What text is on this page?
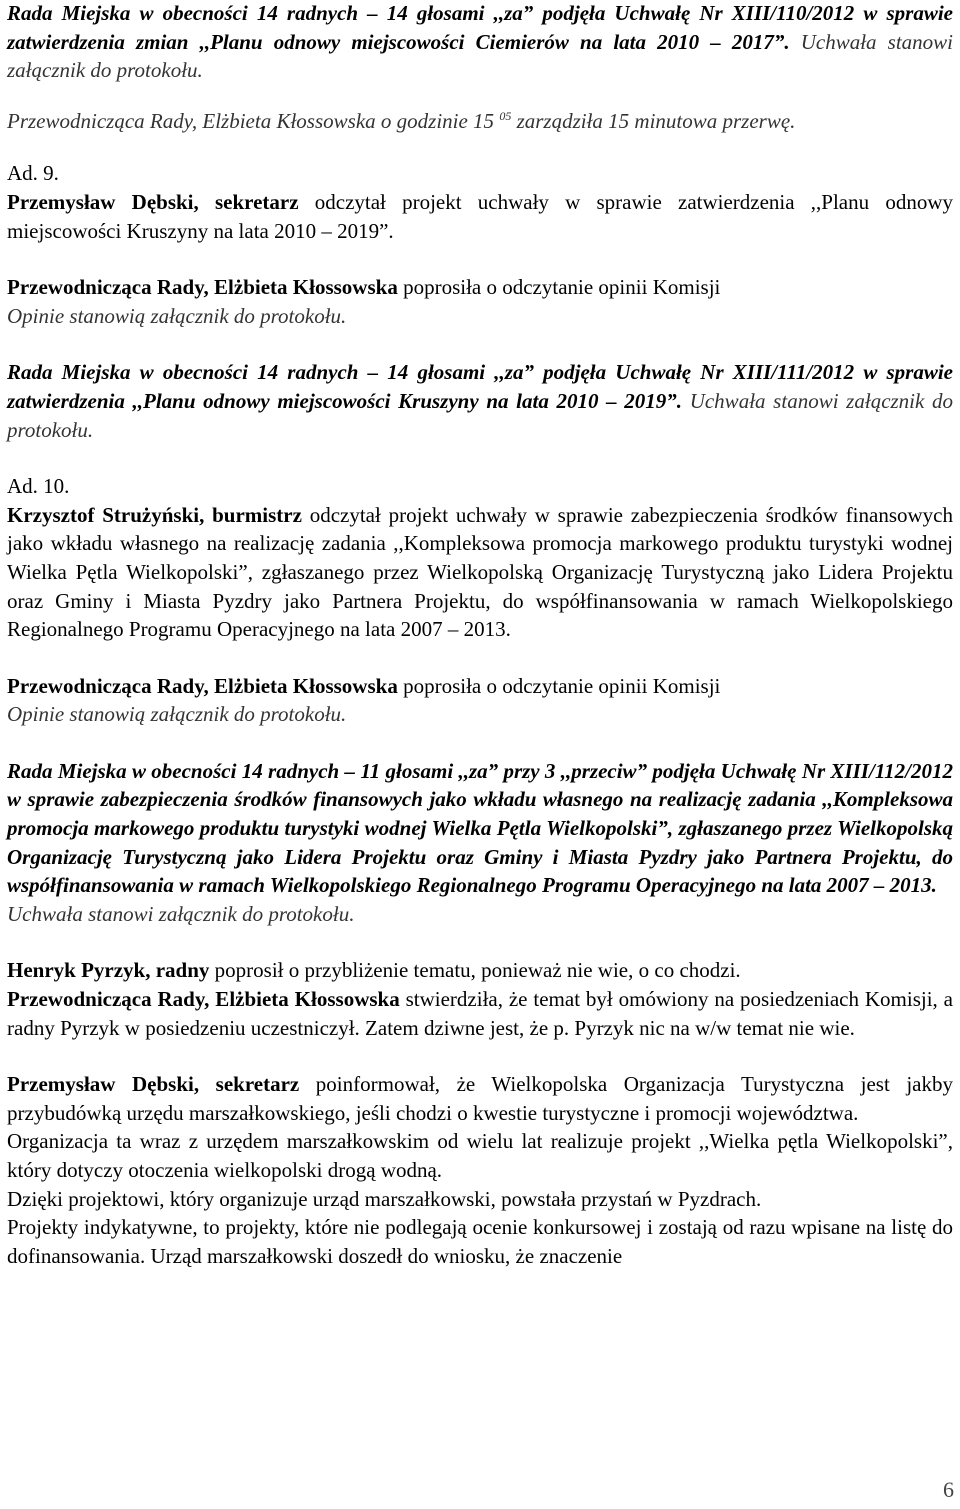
Rada Miejska w obecności 14 radnych – 14 głosami ,,za” podjęła Uchwałę Nr XIII/110/2012 w sprawie zatwierdzenia zmian ,,Planu odnowy miejscowości Ciemierów na lata 2010 – 2017”. Uchwała stanowi załącznik do protokołu.

Przewodnicząca Rady, Elżbieta Kłossowska o godzinie 15 $^{05}$ zarządziła 15 minutowa przerwę.

Ad. 9.

Przemysław Dębski, sekretarz odczytał projekt uchwały w sprawie zatwierdzenia ,,Planu odnowy miejscowości Kruszyny na lata 2010 – 2019”.

Przewodnicząca Rady, Elżbieta Kłossowska poprosiła o odczytanie opinii Komisji

Opinie stanowią załącznik do protokołu.

Rada Miejska w obecności 14 radnych – 14 głosami ,,za” podjęła Uchwałę Nr XIII/111/2012 w sprawie zatwierdzenia ,,Planu odnowy miejscowości Kruszyny na lata 2010 – 2019”. Uchwała stanowi załącznik do protokołu.

Ad. 10.

Krzysztof Strużyński, burmistrz odczytał projekt uchwały w sprawie zabezpieczenia środków finansowych jako wkładu własnego na realizację zadania ,,Kompleksowa promocja markowego produktu turystyki wodnej Wielka Pętla Wielkopolski”, zgłaszanego przez Wielkopolską Organizację Turystyczną jako Lidera Projektu oraz Gminy i Miasta Pyzdry jako Partnera Projektu, do współfinansowania w ramach Wielkopolskiego Regionalnego Programu Operacyjnego na lata 2007 – 2013.

Przewodnicząca Rady, Elżbieta Kłossowska poprosiła o odczytanie opinii Komisji

Opinie stanowią załącznik do protokołu.

Rada Miejska w obecności 14 radnych – 11 głosami ,,za” przy 3 ,,przeciw” podjęła Uchwałę Nr XIII/112/2012 w sprawie zabezpieczenia środków finansowych jako wkładu własnego na realizację zadania ,,Kompleksowa promocja markowego produktu turystyki wodnej Wielka Pętla Wielkopolski”, zgłaszanego przez Wielkopolską Organizację Turystyczną jako Lidera Projektu oraz Gminy i Miasta Pyzdry jako Partnera Projektu, do współfinansowania w ramach Wielkopolskiego Regionalnego Programu Operacyjnego na lata 2007 – 2013.

Uchwała stanowi załącznik do protokołu.

Henryk Pyrzyk, radny poprosił o przybliżenie tematu, ponieważ nie wie, o co chodzi.

Przewodnicząca Rady, Elżbieta Kłossowska stwierdziła, że temat był omówiony na posiedzeniach Komisji, a radny Pyrzyk w posiedzeniu uczestniczył. Zatem dziwne jest, że p. Pyrzyk nic na w/w temat nie wie.

Przemysław Dębski, sekretarz poinformował, że Wielkopolska Organizacja Turystyczna jest jakby przybudówką urzędu marszałkowskiego, jeśli chodzi o kwestie turystyczne i promocji województwa.

Organizacja ta wraz z urzędem marszałkowskim od wielu lat realizuje projekt ,,Wielka pętla Wielkopolski”, który dotyczy otoczenia wielkopolski drogą wodną.

Dzięki projektowi, który organizuje urząd marszałkowski, powstała przystań w Pyzdrach.

Projekty indykatywne, to projekty, które nie podlegają ocenie konkursowej i zostają od razu wpisane na listę do dofinansowania. Urząd marszałkowski doszedł do wniosku, że znaczenie

6
